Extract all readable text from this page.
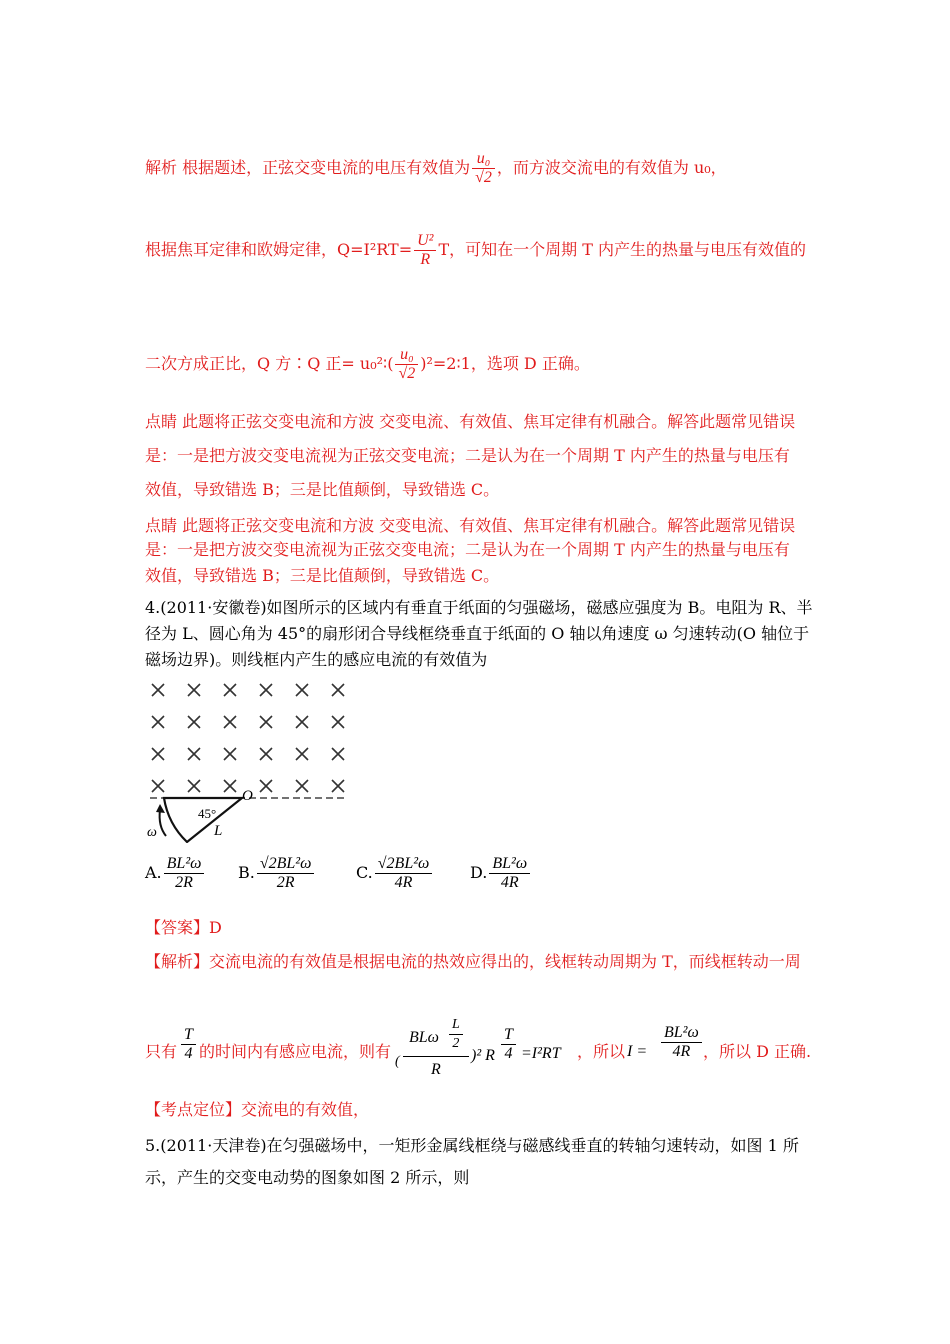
解析 根据题述，正弦交变电流的电压有效值为 $\frac{\text{u₀}}{√2}$ ，而方波交流电的有效值为 u₀，
根据焦耳定律和欧姆定律，$Q=I^2RT= \frac{\text{U²}}{R}$ T，可知在一个周期 T 内产生的热量与电压有效值的
二次方成正比，Q 方∶Q 正= u₀²∶( $\frac{\text{u₀}}{√2}$ )²=2∶1，选项 D 正确。
点睛 此题将正弦交变电流和方波 交变电流、有效值、焦耳定律有机融合。解答此题常见错误
是：一是把方波交变电流视为正弦交变电流；二是认为在一个周期 T 内产生的热量与电压有
效值，导致错选 B；三是比值颠倒，导致错选 C。
点睛 此题将正弦交变电流和方波 交变电流、有效值、焦耳定律有机融合。解答此题常见错误
是：一是把方波交变电流视为正弦交变电流；二是认为在一个周期 T 内产生的热量与电压有
效值，导致错选 B；三是比值颠倒，导致错选 C。
4.(2011·安徽卷)如图所示的区域内有垂直于纸面的匀强磁场，磁感应强度为 B。电阻为 R、半
径为 L、圆心角为 45°的扇形闭合导线框绕垂直于纸面的 O 轴以角速度 ω 匀速转动(O 轴位于
磁场边界)。则线框内产生的感应电流的有效值为
ω
45°
O
L
A. $\frac{\text{BL²ω}}{2R} B$. $\frac{\text{√2BL²ω}}{2R}$	C. $\frac{\text{√2BL²ω}}{4R} D$. $\frac{\text{BL²ω}}{4R}$
【答案】D
【解析】交流电流的有效值是根据电流的热效应得出的，线框转动周期为 T，而线框转动一周
只有 $\frac{T}{4}$ 的时间内有感应电流，则有
(
BLω $\frac{L}{2}$
R
)² R $\frac{T}{4} =I^2RT$ ，所以 $I = \frac{\text{BL²ω}}{4R}$ ，所以 D 正确.
【考点定位】交流电的有效值，
5.(2011·天津卷)在匀强磁场中，一矩形金属线框绕与磁感线垂直的转轴匀速转动，如图 1 所
示，产生的交变电动势的图象如图 2 所示，则
